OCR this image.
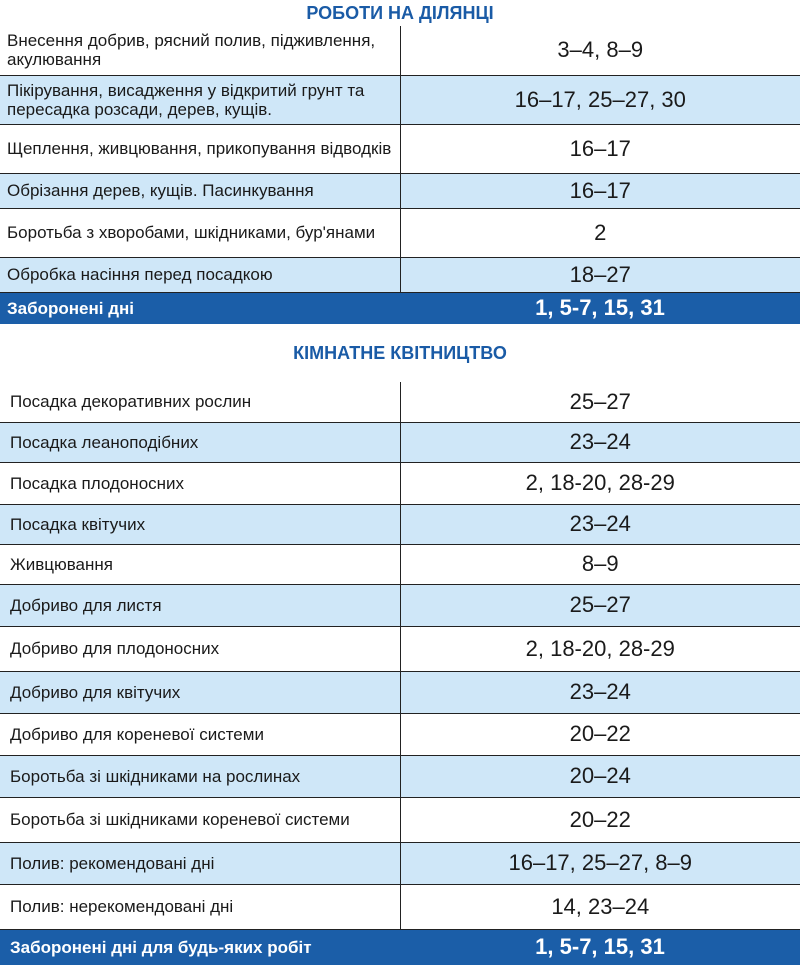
РОБОТИ НА ДІЛЯНЦІ
Внесення добрив, рясний полив, підживлення, акулювання	3–4, 8–9
Пікірування, висадження у відкритий грунт та пересадка розсади, дерев, кущів.	16–17, 25–27, 30
Щеплення, живцювання, прикопування відводків	16–17
Обрізання дерев, кущів. Пасинкування	16–17
Боротьба з хворобами, шкідниками, бур'янами	2
Обробка насіння перед посадкою	18–27
Заборонені дні	1, 5-7, 15, 31
КІМНАТНЕ КВІТНИЦТВО
Посадка декоративних рослин	25–27
Посадка леаноподібних	23–24
Посадка плодоносних	2, 18-20, 28-29
Посадка квітучих	23–24
Живцювання	8–9
Добриво для листя	25–27
Добриво для плодоносних	2, 18-20, 28-29
Добриво для квітучих	23–24
Добриво для кореневої системи	20–22
Боротьба зі шкідниками на рослинах	20–24
Боротьба зі шкідниками кореневої системи	20–22
Полив: рекомендовані дні	16–17, 25–27, 8–9
Полив: нерекомендовані дні	14, 23–24
Заборонені дні для будь-яких робіт	1, 5-7, 15, 31
